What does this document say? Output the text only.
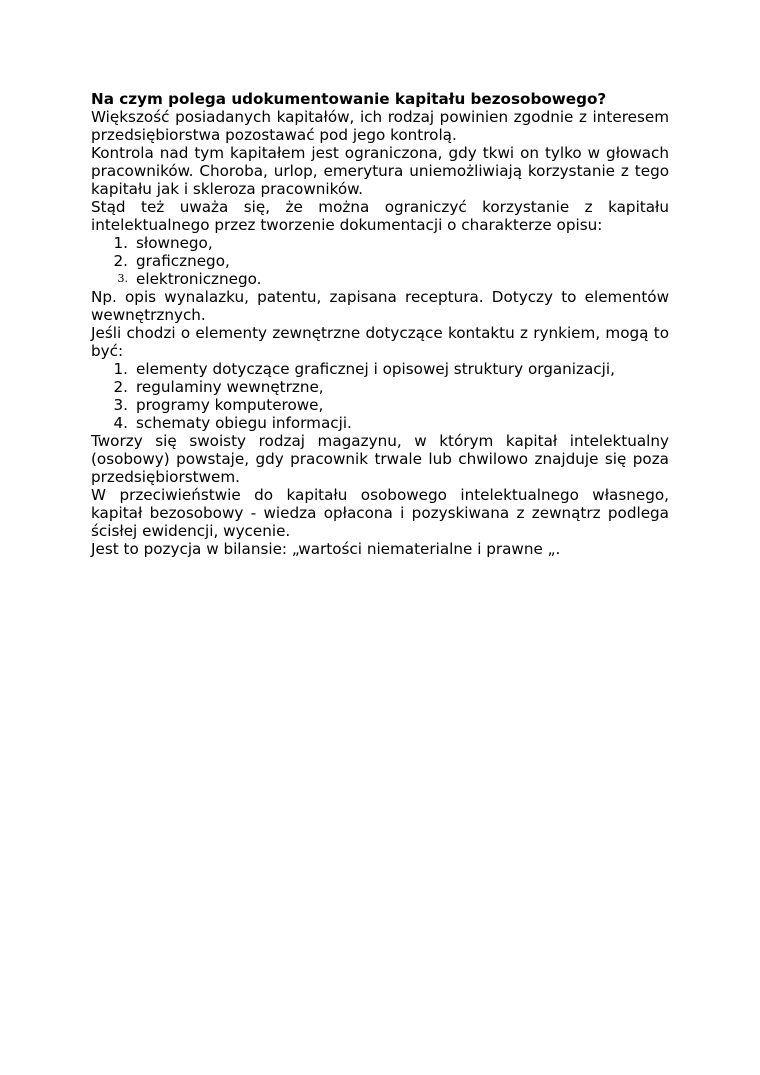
Na czym polega udokumentowanie kapitału bezosobowego?

Większość posiadanych kapitałów, ich rodzaj powinien zgodnie z interesem przedsiębiorstwa pozostawać pod jego kontrolą.

Kontrola nad tym kapitałem jest ograniczona, gdy tkwi on tylko w głowach pracowników. Choroba, urlop, emerytura uniemożliwiają korzystanie z tego kapitału jak i skleroza pracowników.

Stąd też uważa się, że można ograniczyć korzystanie z kapitału intelektualnego przez tworzenie dokumentacji o charakterze opisu:

1. słownego,
2. graficznego,
3. elektronicznego.

Np. opis wynalazku, patentu, zapisana receptura. Dotyczy to elementów wewnętrznych.

Jeśli chodzi o elementy zewnętrzne dotyczące kontaktu z rynkiem, mogą to być:

1. elementy dotyczące graficznej i opisowej struktury organizacji,
2. regulaminy wewnętrzne,
3. programy komputerowe,
4. schematy obiegu informacji.

Tworzy się swoisty rodzaj magazynu, w którym kapitał intelektualny (osobowy) powstaje, gdy pracownik trwale lub chwilowo znajduje się poza przedsiębiorstwem.

W przeciwieństwie do kapitału osobowego intelektualnego własnego, kapitał bezosobowy - wiedza opłacona i pozyskiwana z zewnątrz podlega ścisłej ewidencji, wycenie.

Jest to pozycja w bilansie: „wartości niematerialne i prawne „.
